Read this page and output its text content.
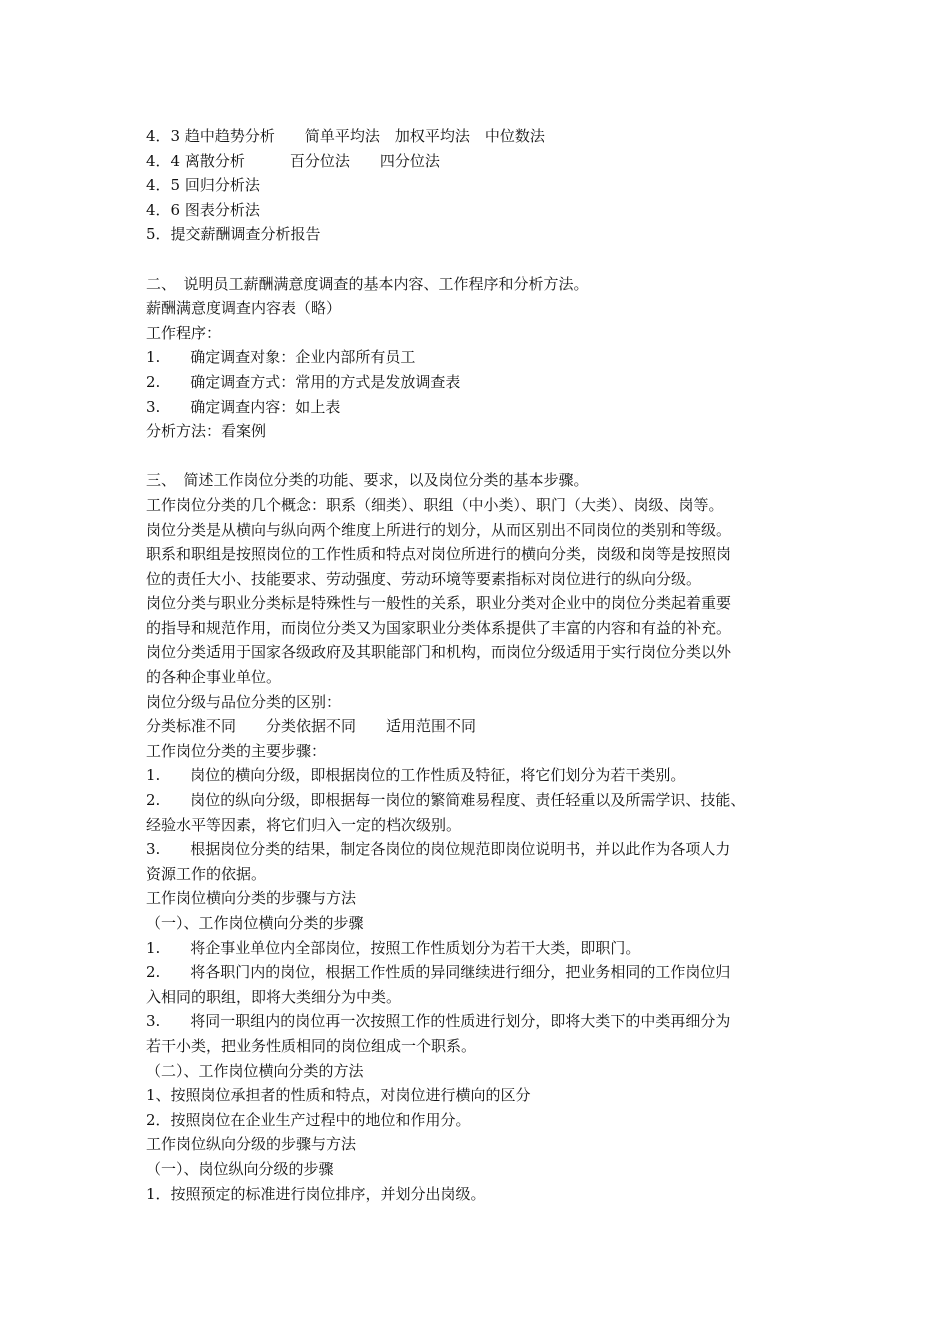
4．3 趋中趋势分析　　简单平均法　加权平均法　中位数法
4．4 离散分析　　　百分位法　　四分位法
4．5 回归分析法
4．6 图表分析法
5．提交薪酬调查分析报告
二、　说明员工薪酬满意度调查的基本内容、工作程序和分析方法。
薪酬满意度调查内容表（略）
工作程序：
1.　　确定调查对象：企业内部所有员工
2.　　确定调查方式：常用的方式是发放调查表
3.　　确定调查内容：如上表
分析方法：看案例
三、　简述工作岗位分类的功能、要求，以及岗位分类的基本步骤。
工作岗位分类的几个概念：职系（细类）、职组（中小类）、职门（大类）、岗级、岗等。
岗位分类是从横向与纵向两个维度上所进行的划分，从而区别出不同岗位的类别和等级。
职系和职组是按照岗位的工作性质和特点对岗位所进行的横向分类，岗级和岗等是按照岗
位的责任大小、技能要求、劳动强度、劳动环境等要素指标对岗位进行的纵向分级。
岗位分类与职业分类标是特殊性与一般性的关系，职业分类对企业中的岗位分类起着重要
的指导和规范作用，而岗位分类又为国家职业分类体系提供了丰富的内容和有益的补充。
岗位分类适用于国家各级政府及其职能部门和机构，而岗位分级适用于实行岗位分类以外
的各种企事业单位。
岗位分级与品位分类的区别：
分类标准不同　　分类依据不同　　适用范围不同
工作岗位分类的主要步骤：
1.　　岗位的横向分级，即根据岗位的工作性质及特征，将它们划分为若干类别。
2.　　岗位的纵向分级，即根据每一岗位的繁简难易程度、责任轻重以及所需学识、技能、
经验水平等因素，将它们归入一定的档次级别。
3.　　根据岗位分类的结果，制定各岗位的岗位规范即岗位说明书，并以此作为各项人力
资源工作的依据。
工作岗位横向分类的步骤与方法
（一）、工作岗位横向分类的步骤
1.　　将企事业单位内全部岗位，按照工作性质划分为若干大类，即职门。
2.　　将各职门内的岗位，根据工作性质的异同继续进行细分，把业务相同的工作岗位归
入相同的职组，即将大类细分为中类。
3.　　将同一职组内的岗位再一次按照工作的性质进行划分，即将大类下的中类再细分为
若干小类，把业务性质相同的岗位组成一个职系。
（二）、工作岗位横向分类的方法
1、按照岗位承担者的性质和特点，对岗位进行横向的区分
2．按照岗位在企业生产过程中的地位和作用分。
工作岗位纵向分级的步骤与方法
（一）、岗位纵向分级的步骤
1．按照预定的标准进行岗位排序，并划分出岗级。
